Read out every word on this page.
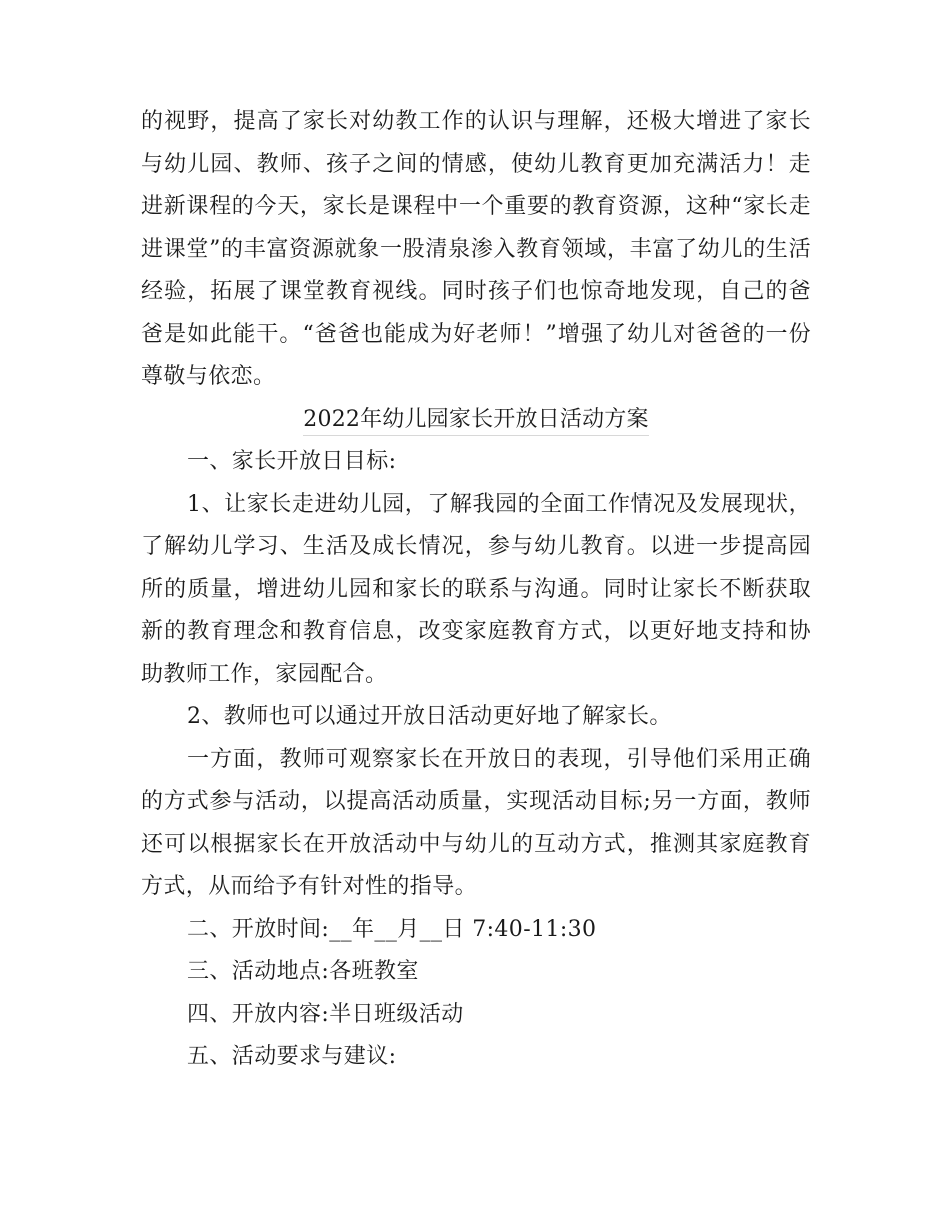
的视野，提高了家长对幼教工作的认识与理解，还极大增进了家长与幼儿园、教师、孩子之间的情感，使幼儿教育更加充满活力！走进新课程的今天，家长是课程中一个重要的教育资源，这种“家长走进课堂”的丰富资源就象一股清泉渗入教育领域，丰富了幼儿的生活经验，拓展了课堂教育视线。同时孩子们也惊奇地发现，自己的爸爸是如此能干。“爸爸也能成为好老师！”增强了幼儿对爸爸的一份尊敬与依恋。

2022年幼儿园家长开放日活动方案

一、家长开放日目标:

1、让家长走进幼儿园，了解我园的全面工作情况及发展现状，了解幼儿学习、生活及成长情况，参与幼儿教育。以进一步提高园所的质量，增进幼儿园和家长的联系与沟通。同时让家长不断获取新的教育理念和教育信息，改变家庭教育方式，以更好地支持和协助教师工作，家园配合。

2、教师也可以通过开放日活动更好地了解家长。

一方面，教师可观察家长在开放日的表现，引导他们采用正确的方式参与活动，以提高活动质量，实现活动目标;另一方面，教师还可以根据家长在开放活动中与幼儿的互动方式，推测其家庭教育方式，从而给予有针对性的指导。

二、开放时间:__年__月__日 7:40-11:30

三、活动地点:各班教室

四、开放内容:半日班级活动

五、活动要求与建议:
